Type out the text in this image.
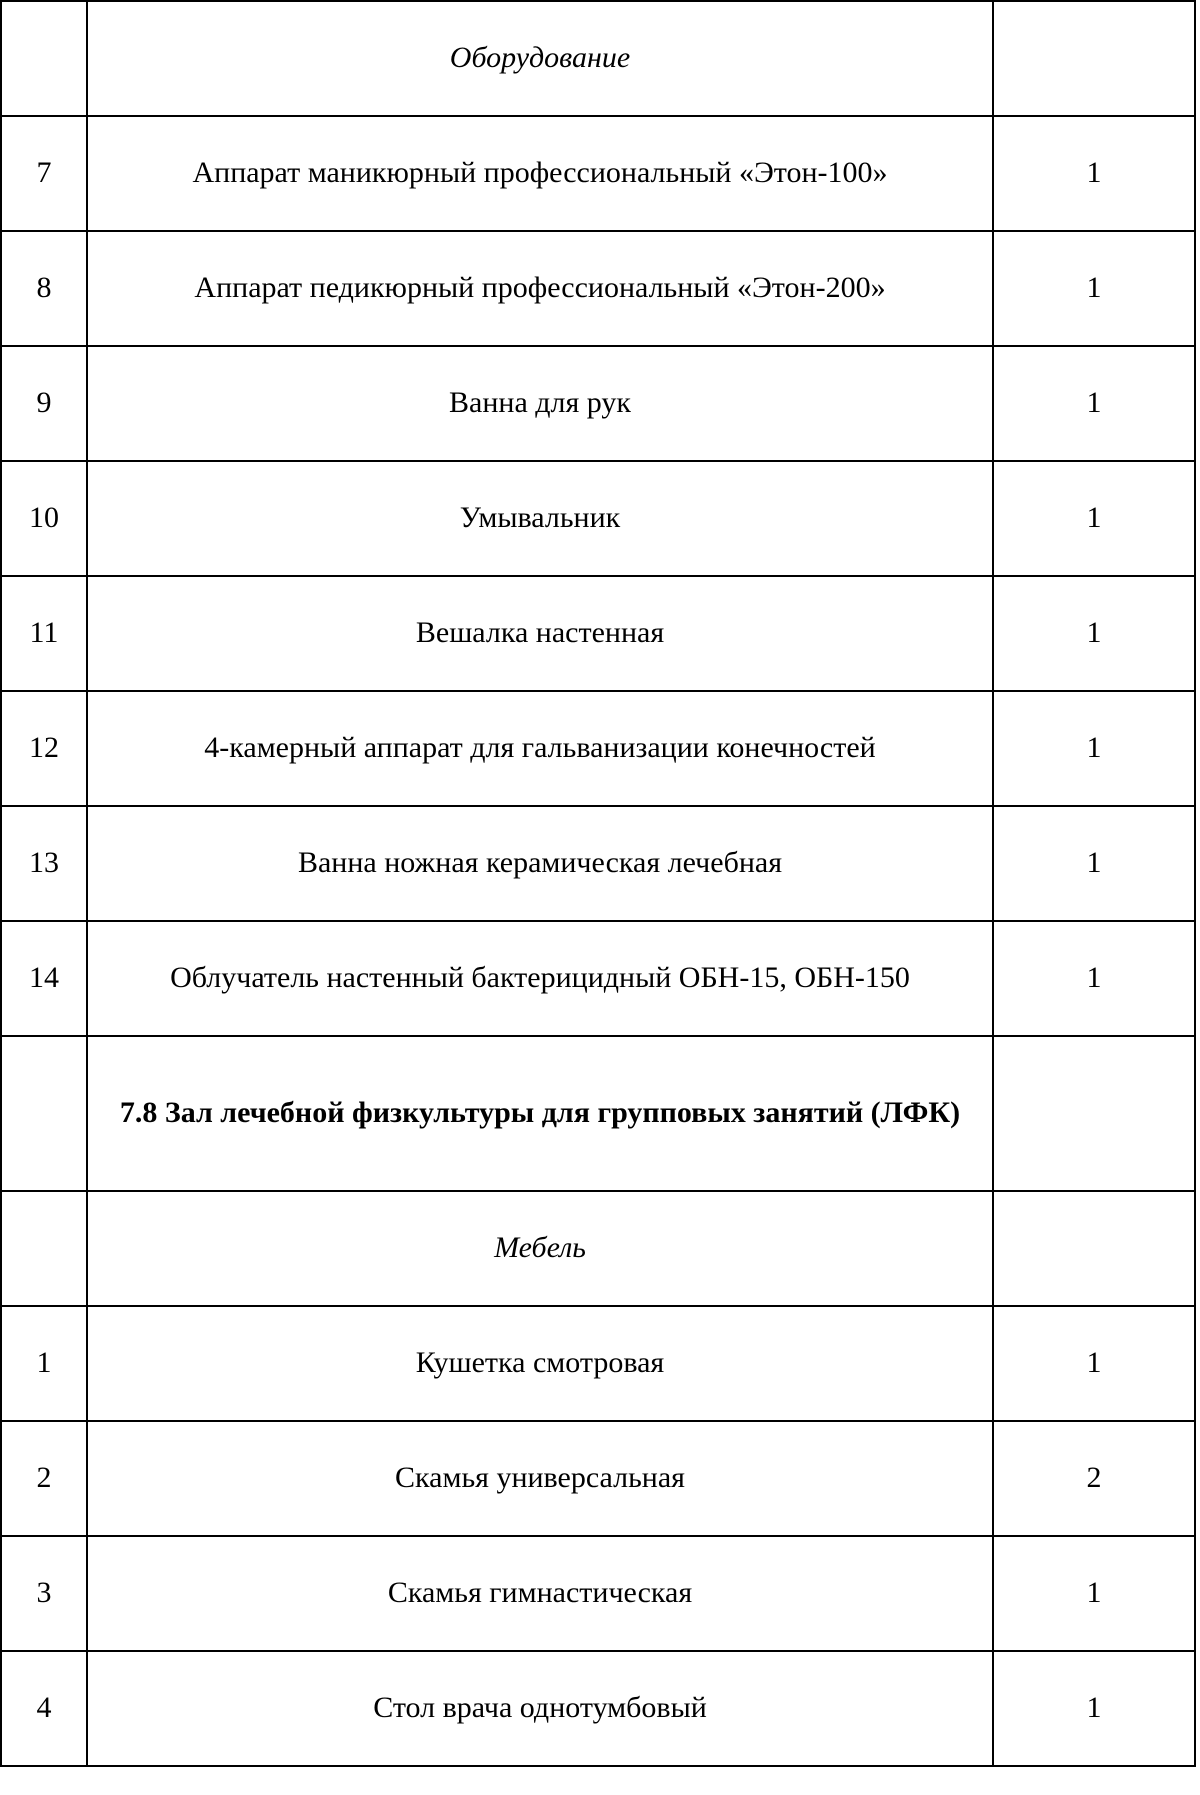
	Оборудование	
7	Аппарат маникюрный профессиональный «Этон-100»	1
8	Аппарат педикюрный профессиональный «Этон-200»	1
9	Ванна для рук	1
10	Умывальник	1
11	Вешалка настенная	1
12	4-камерный аппарат для гальванизации конечностей	1
13	Ванна ножная керамическая лечебная	1
14	Облучатель настенный бактерицидный ОБН-15, ОБН-150	1
	7.8 Зал лечебной физкультуры для групповых занятий (ЛФК)	
	Мебель	
1	Кушетка смотровая	1
2	Скамья универсальная	2
3	Скамья гимнастическая	1
4	Стол врача однотумбовый	1
